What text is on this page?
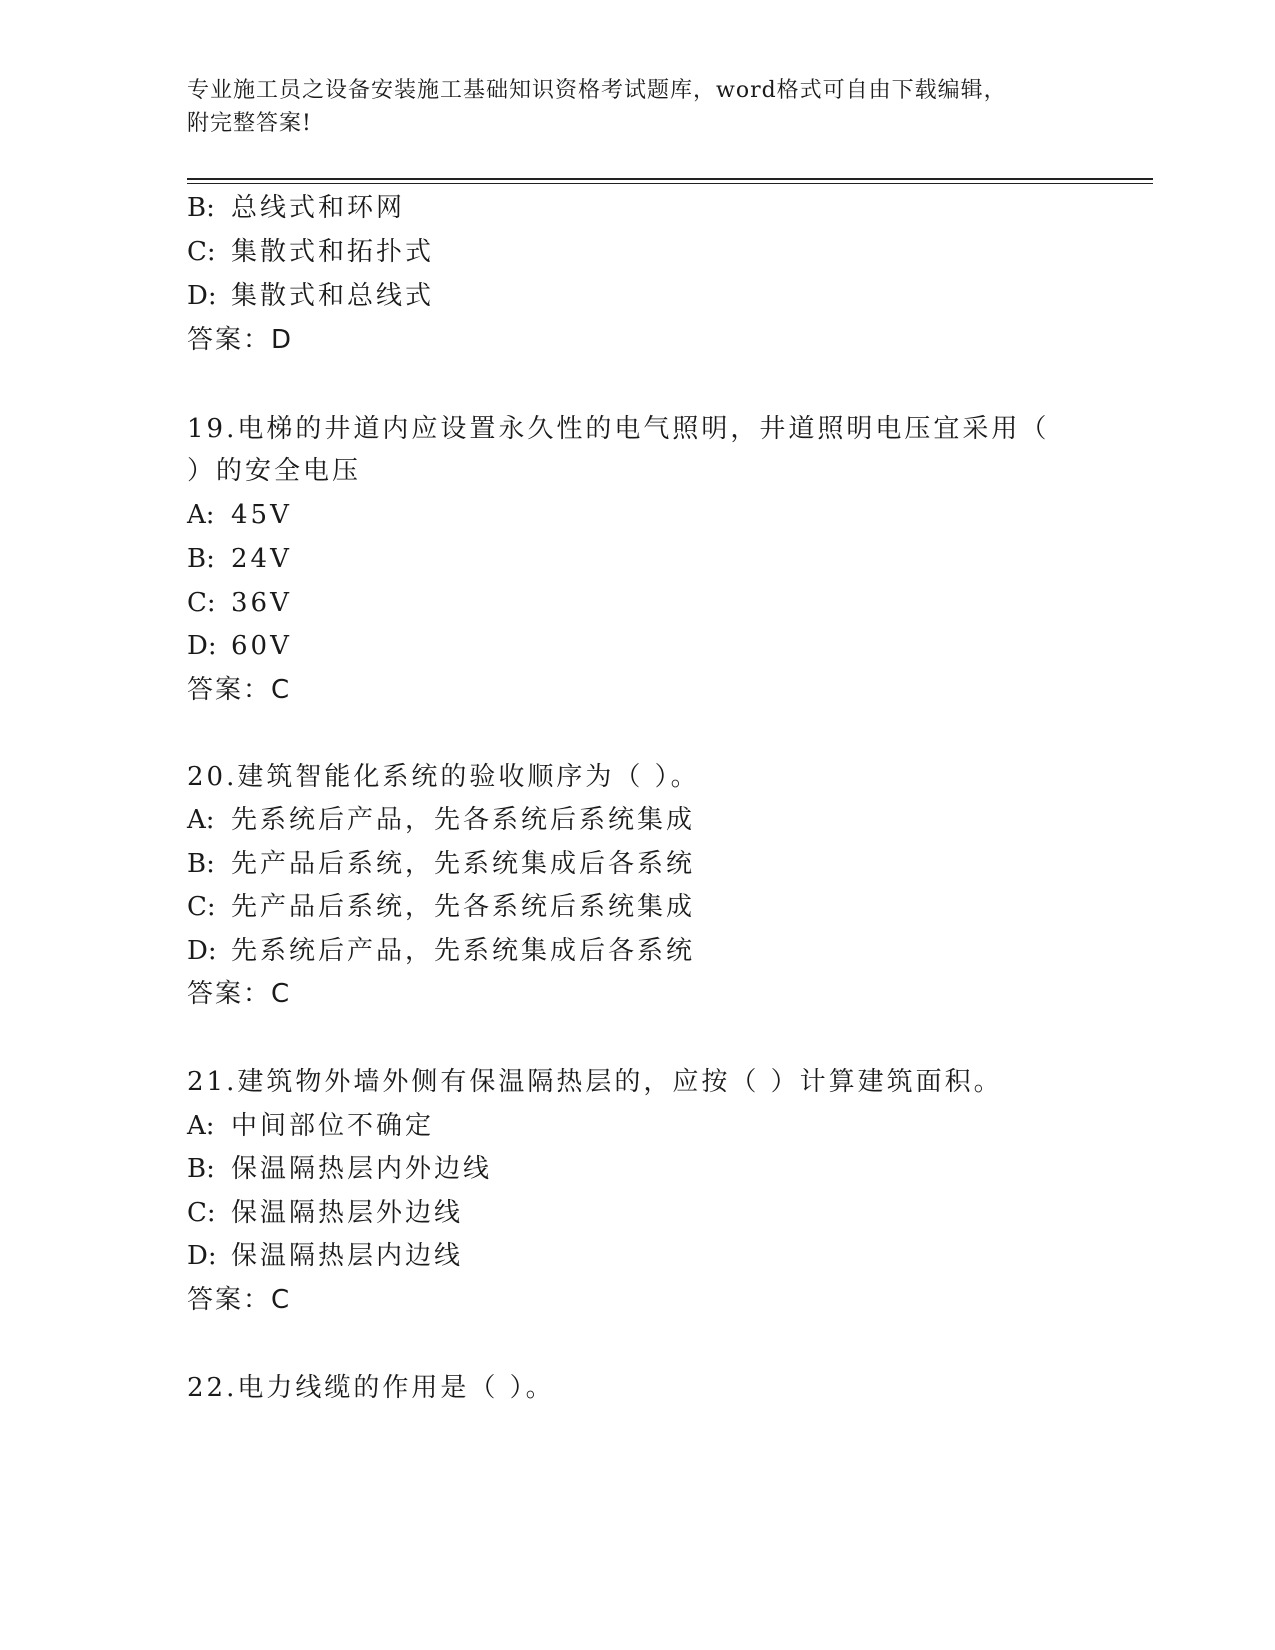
专业施工员之设备安装施工基础知识资格考试题库，word格式可自由下载编辑，
附完整答案!
B: 总线式和环网
C: 集散式和拓扑式
D: 集散式和总线式
答案：D
19.电梯的井道内应设置永久性的电气照明，井道照明电压宜采用（
）的安全电压
A: 45V
B: 24V
C: 36V
D: 60V
答案：C
20.建筑智能化系统的验收顺序为（ ）。
A: 先系统后产品，先各系统后系统集成
B: 先产品后系统，先系统集成后各系统
C: 先产品后系统，先各系统后系统集成
D: 先系统后产品，先系统集成后各系统
答案：C
21.建筑物外墙外侧有保温隔热层的，应按（ ）计算建筑面积。
A: 中间部位不确定
B: 保温隔热层内外边线
C: 保温隔热层外边线
D: 保温隔热层内边线
答案：C
22.电力线缆的作用是（ ）。
